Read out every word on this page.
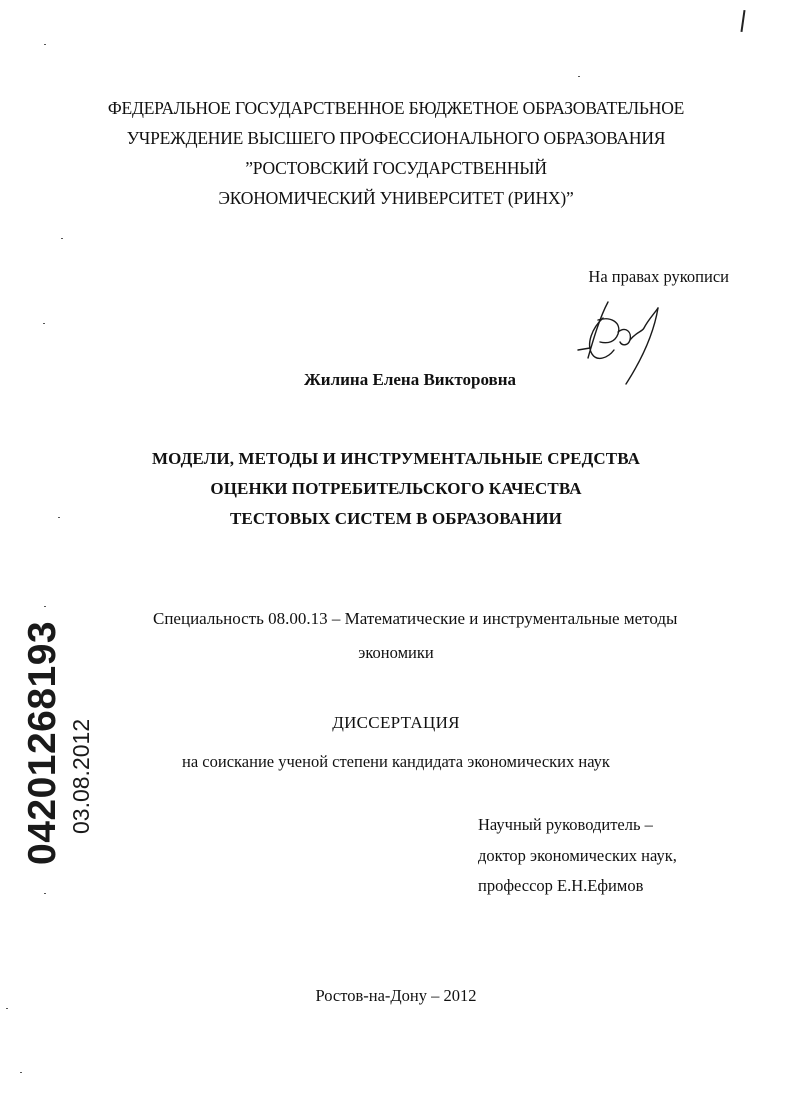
ФЕДЕРАЛЬНОЕ ГОСУДАРСТВЕННОЕ БЮДЖЕТНОЕ ОБРАЗОВАТЕЛЬНОЕ
УЧРЕЖДЕНИЕ ВЫСШЕГО ПРОФЕССИОНАЛЬНОГО ОБРАЗОВАНИЯ
”РОСТОВСКИЙ ГОСУДАРСТВЕННЫЙ
ЭКОНОМИЧЕСКИЙ УНИВЕРСИТЕТ (РИНХ)”
На правах рукописи
Жилина Елена Викторовна
МОДЕЛИ, МЕТОДЫ И ИНСТРУМЕНТАЛЬНЫЕ СРЕДСТВА
ОЦЕНКИ ПОТРЕБИТЕЛЬСКОГО КАЧЕСТВА
ТЕСТОВЫХ СИСТЕМ В ОБРАЗОВАНИИ
Специальность 08.00.13 – Математические и инструментальные методы
экономики
ДИССЕРТАЦИЯ
на соискание ученой степени кандидата экономических наук
Научный руководитель –
доктор экономических наук,
профессор Е.Н.Ефимов
Ростов-на-Дону – 2012
04201268193 03.08.2012
